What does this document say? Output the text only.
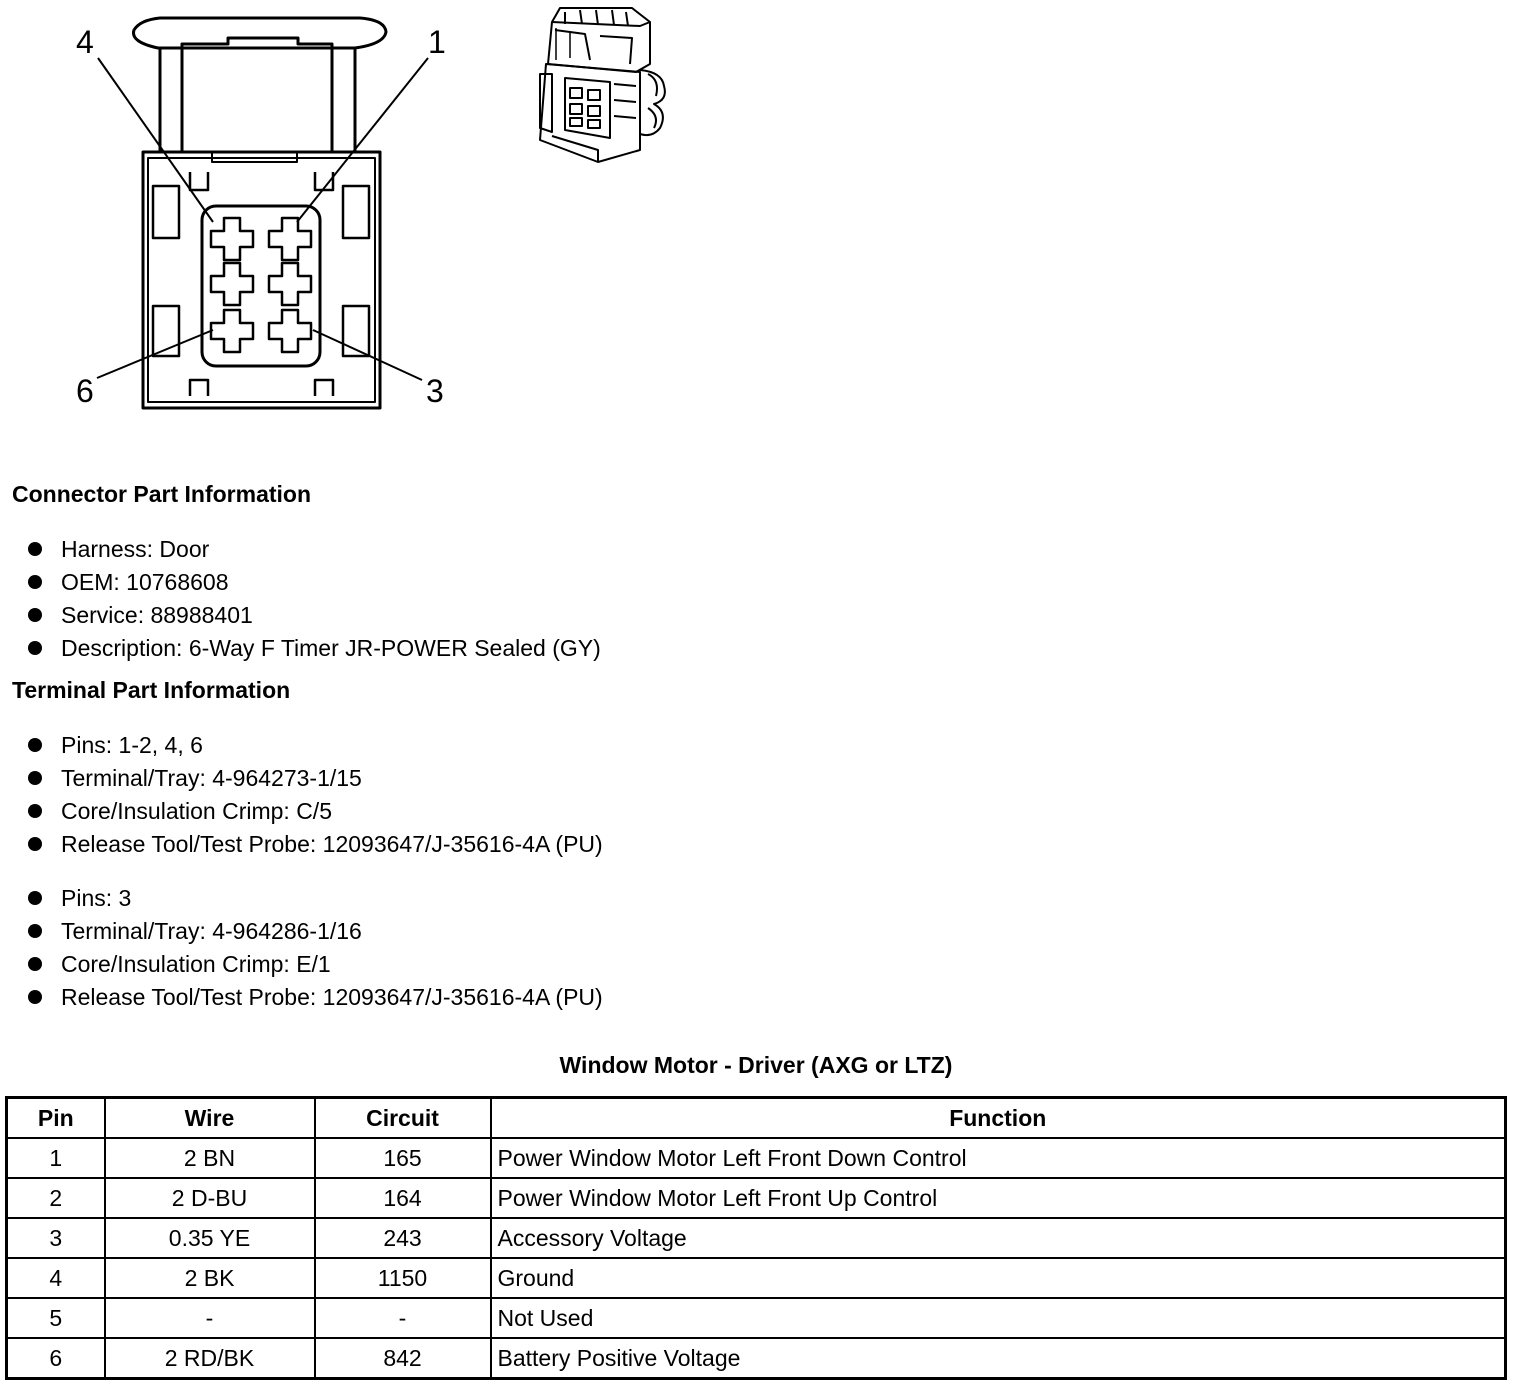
4	1
6	3
Connector Part Information
Harness: Door
OEM: 10768608
Service: 88988401
Description: 6-Way F Timer JR-POWER Sealed (GY)
Terminal Part Information
Pins: 1-2, 4, 6
Terminal/Tray: 4-964273-1/15
Core/Insulation Crimp: C/5
Release Tool/Test Probe: 12093647/J-35616-4A (PU)
Pins: 3
Terminal/Tray: 4-964286-1/16
Core/Insulation Crimp: E/1
Release Tool/Test Probe: 12093647/J-35616-4A (PU)
Window Motor - Driver (AXG or LTZ)
Pin	Wire	Circuit	Function
1	2 BN	165	Power Window Motor Left Front Down Control
2	2 D-BU	164	Power Window Motor Left Front Up Control
3	0.35 YE	243	Accessory Voltage
4	2 BK	1150	Ground
5	-	-	Not Used
6	2 RD/BK	842	Battery Positive Voltage
